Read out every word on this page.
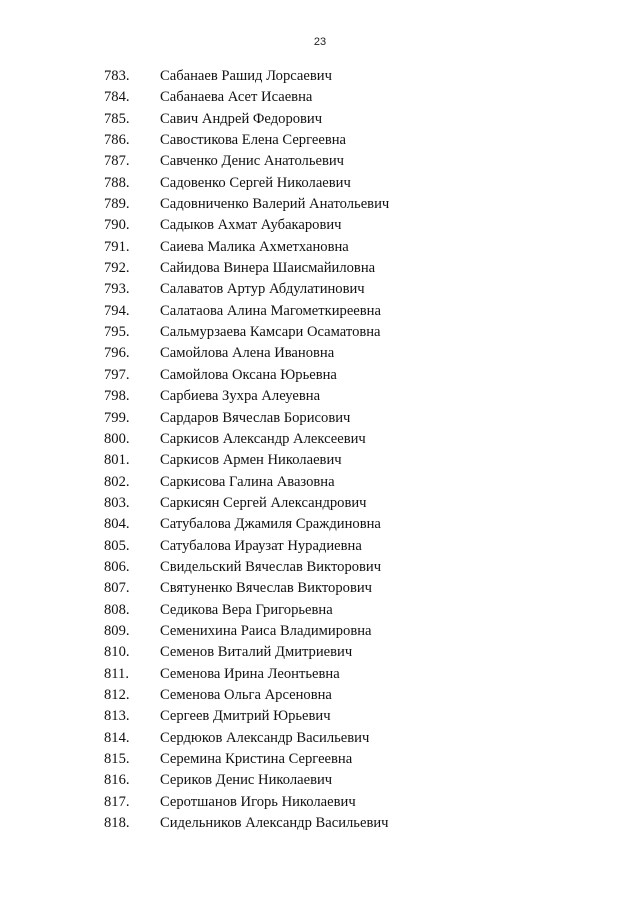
23
783. Сабанаев Рашид Лорсаевич
784. Сабанаева Асет Исаевна
785. Савич Андрей Федорович
786. Савостикова Елена Сергеевна
787. Савченко Денис Анатольевич
788. Садовенко Сергей Николаевич
789. Садовниченко Валерий Анатольевич
790. Садыков Ахмат Аубакарович
791. Саиева Малика Ахметхановна
792. Сайидова Винера Шаисмайиловна
793. Салаватов Артур Абдулатинович
794. Салатаова Алина Магометкиреевна
795. Сальмурзаева Камсари Осаматовна
796. Самойлова Алена Ивановна
797. Самойлова Оксана Юрьевна
798. Сарбиева Зухра Алеуевна
799. Сардаров Вячеслав Борисович
800. Саркисов Александр Алексеевич
801. Саркисов Армен Николаевич
802. Саркисова Галина Авазовна
803. Саркисян Сергей Александрович
804. Сатубалова Джамиля Сраждиновна
805. Сатубалова Ираузат Нурадиевна
806. Свидельский Вячеслав Викторович
807. Святуненко Вячеслав Викторович
808. Седикова Вера Григорьевна
809. Семенихина Раиса Владимировна
810. Семенов Виталий Дмитриевич
811. Семенова Ирина Леонтьевна
812. Семенова Ольга Арсеновна
813. Сергеев Дмитрий Юрьевич
814. Сердюков Александр Васильевич
815. Серемина Кристина Сергеевна
816. Сериков Денис Николаевич
817. Серотшанов Игорь Николаевич
818. Сидельников Александр Васильевич
